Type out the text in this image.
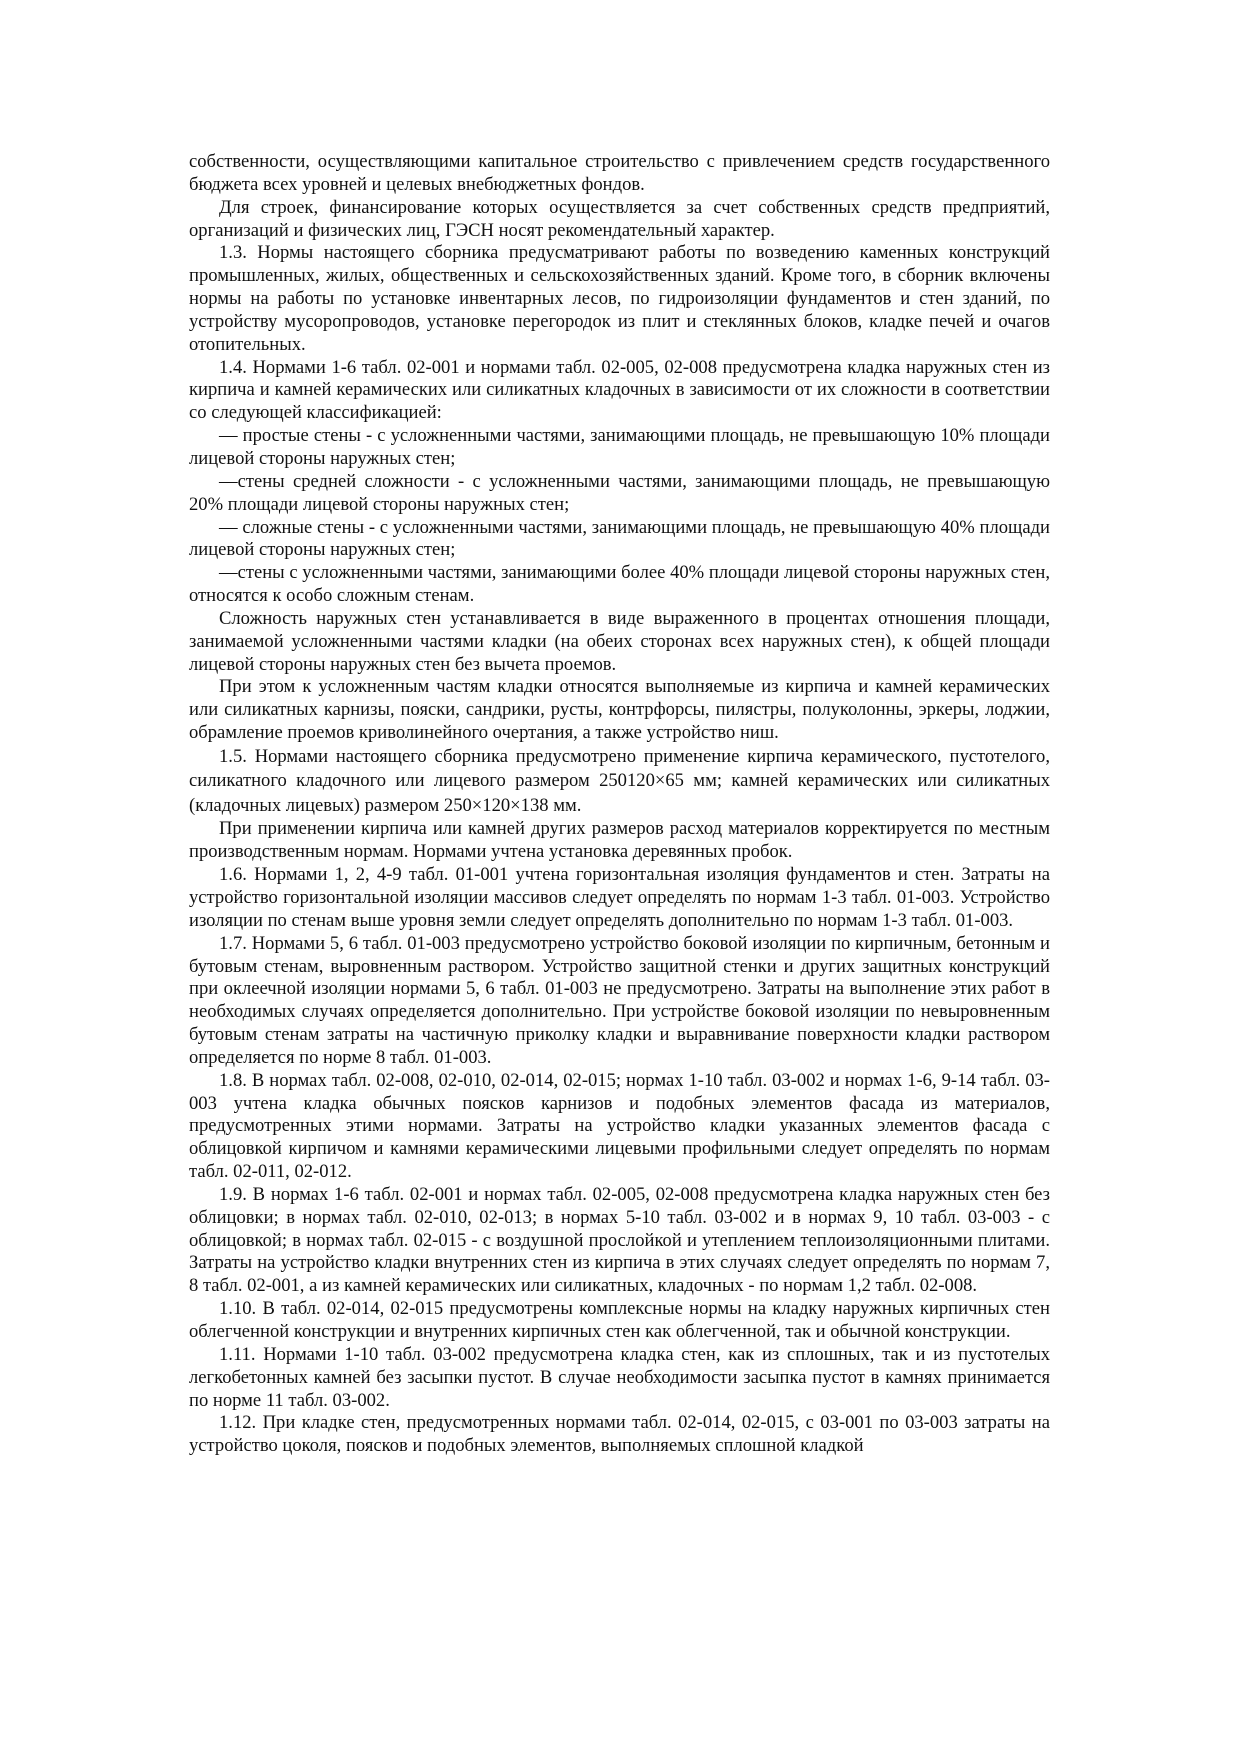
собственности, осуществляющими капитальное строительство с привлечением средств государственного бюджета всех уровней и целевых внебюджетных фондов.

Для строек, финансирование которых осуществляется за счет собственных средств предприятий, организаций и физических лиц, ГЭСН носят рекомендательный характер.

1.3. Нормы настоящего сборника предусматривают работы по возведению каменных конструкций промышленных, жилых, общественных и сельскохозяйственных зданий. Кроме того, в сборник включены нормы на работы по установке инвентарных лесов, по гидроизоляции фундаментов и стен зданий, по устройству мусоропроводов, установке перегородок из плит и стеклянных блоков, кладке печей и очагов отопительных.

1.4. Нормами 1-6 табл. 02-001 и нормами табл. 02-005, 02-008 предусмотрена кладка наружных стен из кирпича и камней керамических или силикатных кладочных в зависимости от их сложности в соответствии со следующей классификацией:

— простые стены - с усложненными частями, занимающими площадь, не превышающую 10% площади лицевой стороны наружных стен;

—стены средней сложности - с усложненными частями, занимающими площадь, не превышающую 20% площади лицевой стороны наружных стен;

— сложные стены - с усложненными частями, занимающими площадь, не превышающую 40% площади лицевой стороны наружных стен;

—стены с усложненными частями, занимающими более 40% площади лицевой стороны наружных стен, относятся к особо сложным стенам.

Сложность наружных стен устанавливается в виде выраженного в процентах отношения площади, занимаемой усложненными частями кладки (на обеих сторонах всех наружных стен), к общей площади лицевой стороны наружных стен без вычета проемов.

При этом к усложненным частям кладки относятся выполняемые из кирпича и камней керамических или силикатных карнизы, пояски, сандрики, русты, контрфорсы, пилястры, полуколонны, эркеры, лоджии, обрамление проемов криволинейного очертания, а также устройство ниш.

1.5. Нормами настоящего сборника предусмотрено применение кирпича керамического, пустотелого, силикатного кладочного или лицевого размером 250120×65 мм; камней керамических или силикатных (кладочных лицевых) размером 250×120×138 мм.

При применении кирпича или камней других размеров расход материалов корректируется по местным производственным нормам. Нормами учтена установка деревянных пробок.

1.6. Нормами 1, 2, 4-9 табл. 01-001 учтена горизонтальная изоляция фундаментов и стен. Затраты на устройство горизонтальной изоляции массивов следует определять по нормам 1-3 табл. 01-003. Устройство изоляции по стенам выше уровня земли следует определять дополнительно по нормам 1-3 табл. 01-003.

1.7. Нормами 5, 6 табл. 01-003 предусмотрено устройство боковой изоляции по кирпичным, бетонным и бутовым стенам, выровненным раствором. Устройство защитной стенки и других защитных конструкций при оклеечной изоляции нормами 5, 6 табл. 01-003 не предусмотрено. Затраты на выполнение этих работ в необходимых случаях определяется дополнительно. При устройстве боковой изоляции по невыровненным бутовым стенам затраты на частичную приколку кладки и выравнивание поверхности кладки раствором определяется по норме 8 табл. 01-003.

1.8. В нормах табл. 02-008, 02-010, 02-014, 02-015; нормах 1-10 табл. 03-002 и нормах 1-6, 9-14 табл. 03-003 учтена кладка обычных поясков карнизов и подобных элементов фасада из материалов, предусмотренных этими нормами. Затраты на устройство кладки указанных элементов фасада с облицовкой кирпичом и камнями керамическими лицевыми профильными следует определять по нормам табл. 02-011, 02-012.

1.9. В нормах 1-6 табл. 02-001 и нормах табл. 02-005, 02-008 предусмотрена кладка наружных стен без облицовки; в нормах табл. 02-010, 02-013; в нормах 5-10 табл. 03-002 и в нормах 9, 10 табл. 03-003 - с облицовкой; в нормах табл. 02-015 - с воздушной прослойкой и утеплением теплоизоляционными плитами. Затраты на устройство кладки внутренних стен из кирпича в этих случаях следует определять по нормам 7, 8 табл. 02-001, а из камней керамических или силикатных, кладочных - по нормам 1,2 табл. 02-008.

1.10. В табл. 02-014, 02-015 предусмотрены комплексные нормы на кладку наружных кирпичных стен облегченной конструкции и внутренних кирпичных стен как облегченной, так и обычной конструкции.

1.11. Нормами 1-10 табл. 03-002 предусмотрена кладка стен, как из сплошных, так и из пустотелых легкобетонных камней без засыпки пустот. В случае необходимости засыпка пустот в камнях принимается по норме 11 табл. 03-002.

1.12. При кладке стен, предусмотренных нормами табл. 02-014, 02-015, с 03-001 по 03-003 затраты на устройство цоколя, поясков и подобных элементов, выполняемых сплошной кладкой
